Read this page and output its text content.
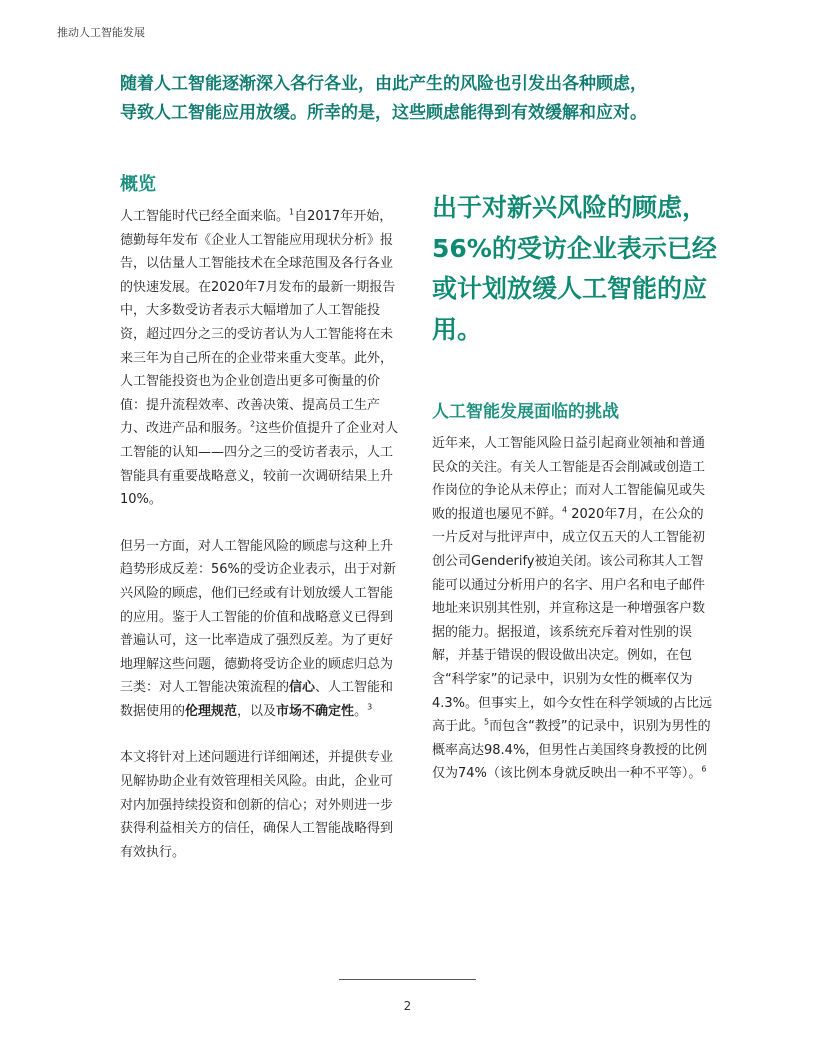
推动人工智能发展

随着人工智能逐渐深入各行各业，由此产生的风险也引发出各种顾虑，

导致人工智能应用放缓。所幸的是，这些顾虑能得到有效缓解和应对。

概览

人工智能时代已经全面来临。$^1$自2017年开始，德勤每年发布《企业人工智能应用现状分析》报告，以估量人工智能技术在全球范围及各行各业的快速发展。在2020年7月发布的最新一期报告中，大多数受访者表示大幅增加了人工智能投资，超过四分之三的受访者认为人工智能将在未来三年为自己所在的企业带来重大变革。此外，人工智能投资也为企业创造出更多可衡量的价值：提升流程效率、改善决策、提高员工生产力、改进产品和服务。$^2$这些价值提升了企业对人工智能的认知——四分之三的受访者表示，人工智能具有重要战略意义，较前一次调研结果上升10%。

但另一方面，对人工智能风险的顾虑与这种上升趋势形成反差：56%的受访企业表示，出于对新兴风险的顾虑，他们已经或有计划放缓人工智能的应用。鉴于人工智能的价值和战略意义已得到普遍认可，这一比率造成了强烈反差。为了更好地理解这些问题，德勤将受访企业的顾虑归总为三类：对人工智能决策流程的信心、人工智能和数据使用的伦理规范，以及市场不确定性。$^3$

本文将针对上述问题进行详细阐述，并提供专业见解协助企业有效管理相关风险。由此，企业可对内加强持续投资和创新的信心；对外则进一步获得利益相关方的信任，确保人工智能战略得到有效执行。

出于对新兴风险的顾虑，56%的受访企业表示已经或计划放缓人工智能的应用。

人工智能发展面临的挑战

近年来，人工智能风险日益引起商业领袖和普通民众的关注。有关人工智能是否会削减或创造工作岗位的争论从未停止；而对人工智能偏见或失败的报道也屡见不鲜。$^4$ 2020年7月，在公众的一片反对与批评声中，成立仅五天的人工智能初创公司Genderify被迫关闭。该公司称其人工智能可以通过分析用户的名字、用户名和电子邮件地址来识别其性别，并宣称这是一种增强客户数据的能力。据报道，该系统充斥着对性别的误解，并基于错误的假设做出决定。例如，在包含“科学家”的记录中，识别为女性的概率仅为4.3%。但事实上，如今女性在科学领域的占比远高于此。$^5$而包含“教授”的记录中，识别为男性的概率高达98.4%，但男性占美国终身教授的比例仅为74%（该比例本身就反映出一种不平等）。$^6$

2
